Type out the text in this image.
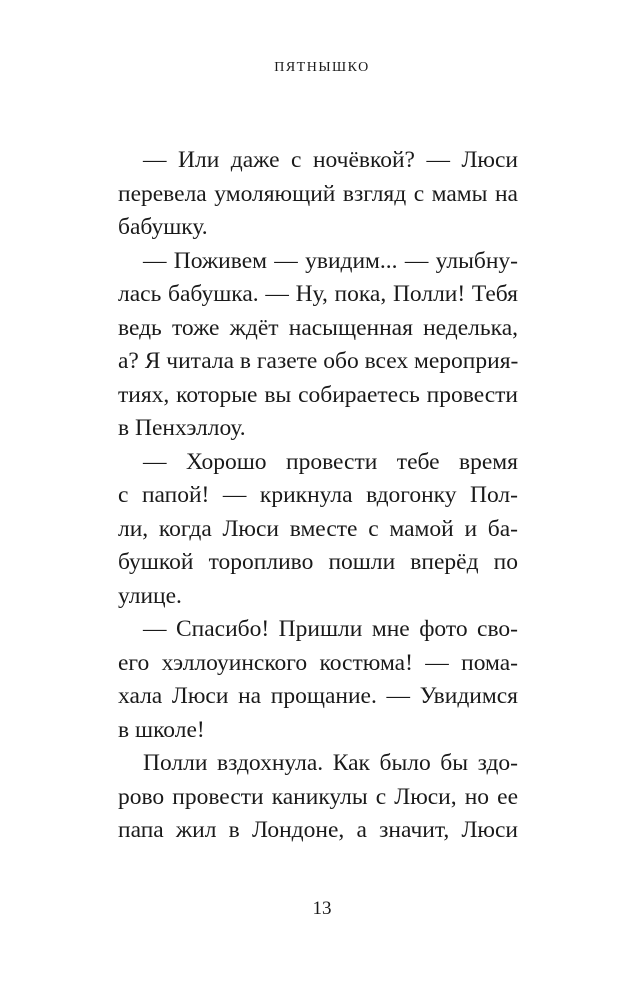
ПЯТНЫШКО
— Или даже с ночёвкой? — Люси
перевела умоляющий взгляд с мамы на
бабушку.
— Поживем — увидим... — улыбну-
лась бабушка. — Ну, пока, Полли! Тебя
ведь тоже ждёт насыщенная неделька,
а? Я читала в газете обо всех мероприя-
тиях, которые вы собираетесь провести
в Пенхэллоу.
— Хорошо провести тебе время
с папой! — крикнула вдогонку Пол-
ли, когда Люси вместе с мамой и ба-
бушкой торопливо пошли вперёд по
улице.
— Спасибо! Пришли мне фото сво-
его хэллоуинского костюма! — пома-
хала Люси на прощание. — Увидимся
в школе!
Полли вздохнула. Как было бы здо-
рово провести каникулы с Люси, но ее
папа жил в Лондоне, а значит, Люси
13
